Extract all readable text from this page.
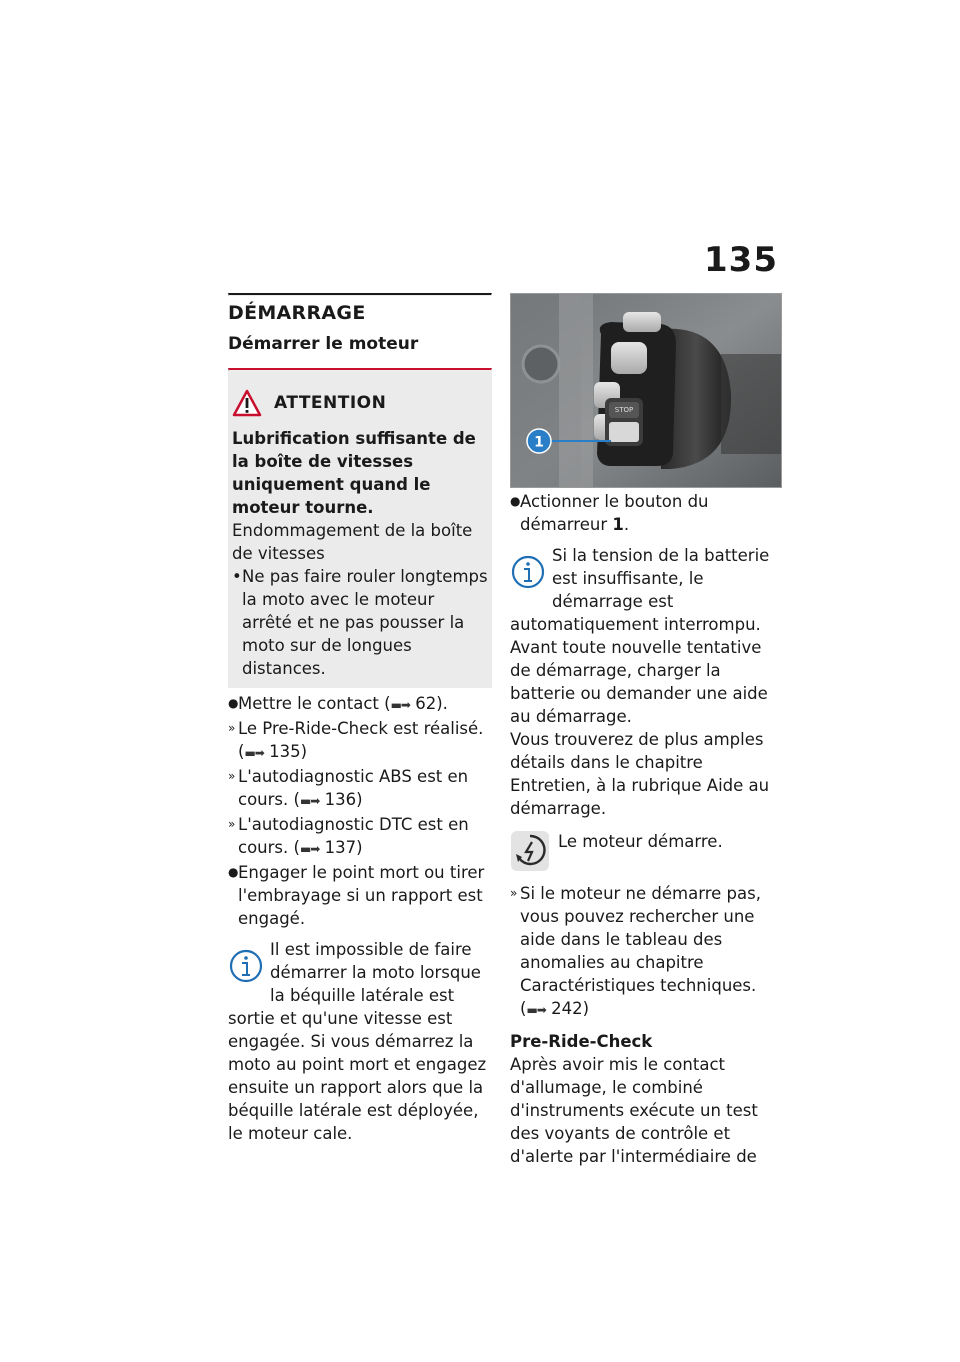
135
DÉMARRAGE
Démarrer le moteur
ATTENTION

Lubrification suffisante de la boîte de vitesses uniquement quand le moteur tourne.

Endommagement de la boîte de vitesses

• Ne pas faire rouler longtemps la moto avec le moteur arrêté et ne pas pousser la moto sur de longues distances.
● Mettre le contact (▬➡ 62).
» Le Pre-Ride-Check est réalisé. (▬➡ 135)
» L'autodiagnostic ABS est en cours. (▬➡ 136)
» L'autodiagnostic DTC est en cours. (▬➡ 137)
● Engager le point mort ou tirer l'embrayage si un rapport est engagé.

Il est impossible de faire démarrer la moto lorsque la béquille latérale est sortie et qu'une vitesse est engagée. Si vous démarrez la moto au point mort et engagez ensuite un rapport alors que la béquille latérale est déployée, le moteur cale.

STOP
1
● Actionner le bouton du démarreur 1.

Si la tension de la batterie est insuffisante, le démarrage est automatiquement interrompu. Avant toute nouvelle tentative de démarrage, charger la batterie ou demander une aide au démarrage.

Vous trouverez de plus amples détails dans le chapitre Entretien, à la rubrique Aide au démarrage.

Le moteur démarre.
» Si le moteur ne démarre pas, vous pouvez rechercher une aide dans le tableau des anomalies au chapitre Caractéristiques techniques. (▬➡ 242)

Pre-Ride-Check

Après avoir mis le contact d'allumage, le combiné d'instruments exécute un test des voyants de contrôle et d'alerte par l'intermédiaire de
